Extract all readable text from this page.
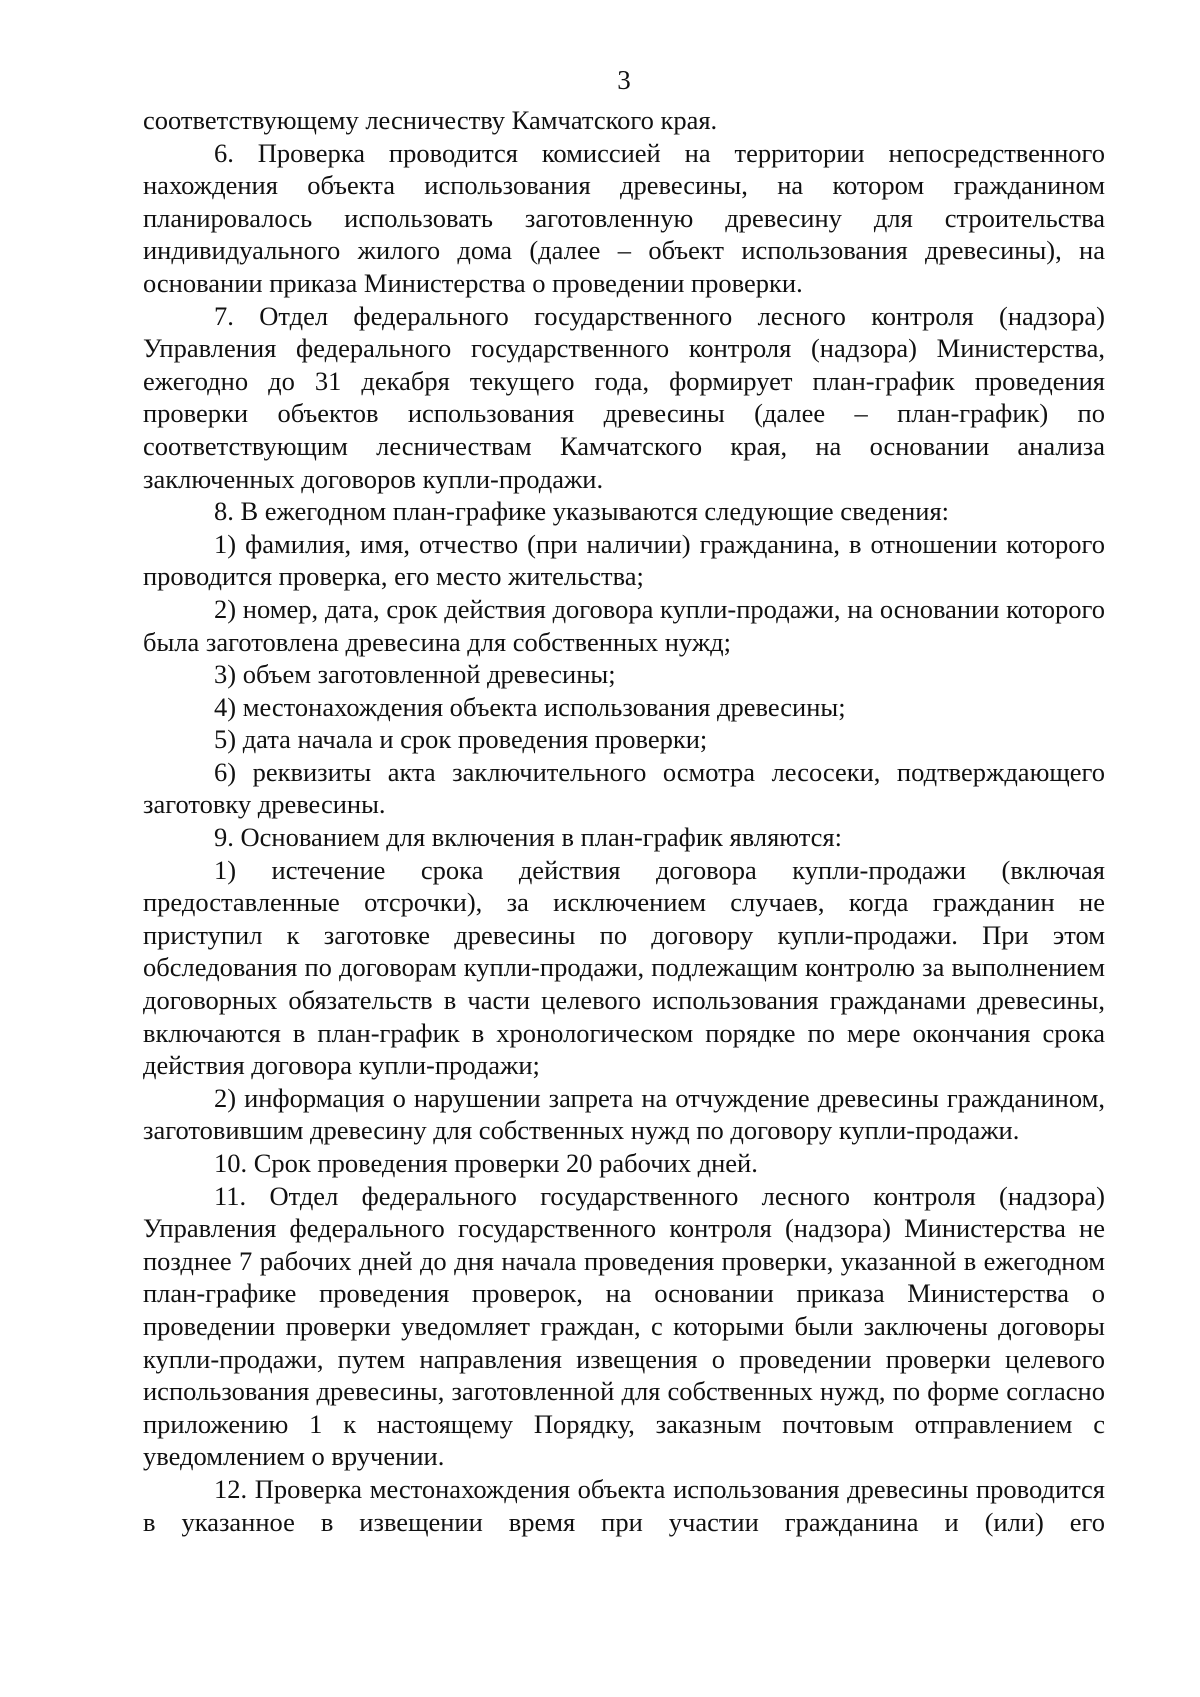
3

соответствующему лесничеству Камчатского края.

6. Проверка проводится комиссией на территории непосредственного нахождения объекта использования древесины, на котором гражданином планировалось использовать заготовленную древесину для строительства индивидуального жилого дома (далее – объект использования древесины), на основании приказа Министерства о проведении проверки.

7. Отдел федерального государственного лесного контроля (надзора) Управления федерального государственного контроля (надзора) Министерства, ежегодно до 31 декабря текущего года, формирует план-график проведения проверки объектов использования древесины (далее – план-график) по соответствующим лесничествам Камчатского края, на основании анализа заключенных договоров купли-продажи.

8. В ежегодном план-графике указываются следующие сведения:

1) фамилия, имя, отчество (при наличии) гражданина, в отношении которого проводится проверка, его место жительства;

2) номер, дата, срок действия договора купли-продажи, на основании которого была заготовлена древесина для собственных нужд;

3) объем заготовленной древесины;

4) местонахождения объекта использования древесины;

5) дата начала и срок проведения проверки;

6) реквизиты акта заключительного осмотра лесосеки, подтверждающего заготовку древесины.

9. Основанием для включения в план-график являются:

1) истечение срока действия договора купли-продажи (включая предоставленные отсрочки), за исключением случаев, когда гражданин не приступил к заготовке древесины по договору купли-продажи. При этом обследования по договорам купли-продажи, подлежащим контролю за выполнением договорных обязательств в части целевого использования гражданами древесины, включаются в план-график в хронологическом порядке по мере окончания срока действия договора купли-продажи;

2) информация о нарушении запрета на отчуждение древесины гражданином, заготовившим древесину для собственных нужд по договору купли-продажи.

10. Срок проведения проверки 20 рабочих дней.

11. Отдел федерального государственного лесного контроля (надзора) Управления федерального государственного контроля (надзора) Министерства не позднее 7 рабочих дней до дня начала проведения проверки, указанной в ежегодном план-графике проведения проверок, на основании приказа Министерства о проведении проверки уведомляет граждан, с которыми были заключены договоры купли-продажи, путем направления извещения о проведении проверки целевого использования древесины, заготовленной для собственных нужд, по форме согласно приложению 1 к настоящему Порядку, заказным почтовым отправлением с уведомлением о вручении.

12. Проверка местонахождения объекта использования древесины проводится в указанное в извещении время при участии гражданина и (или) его
